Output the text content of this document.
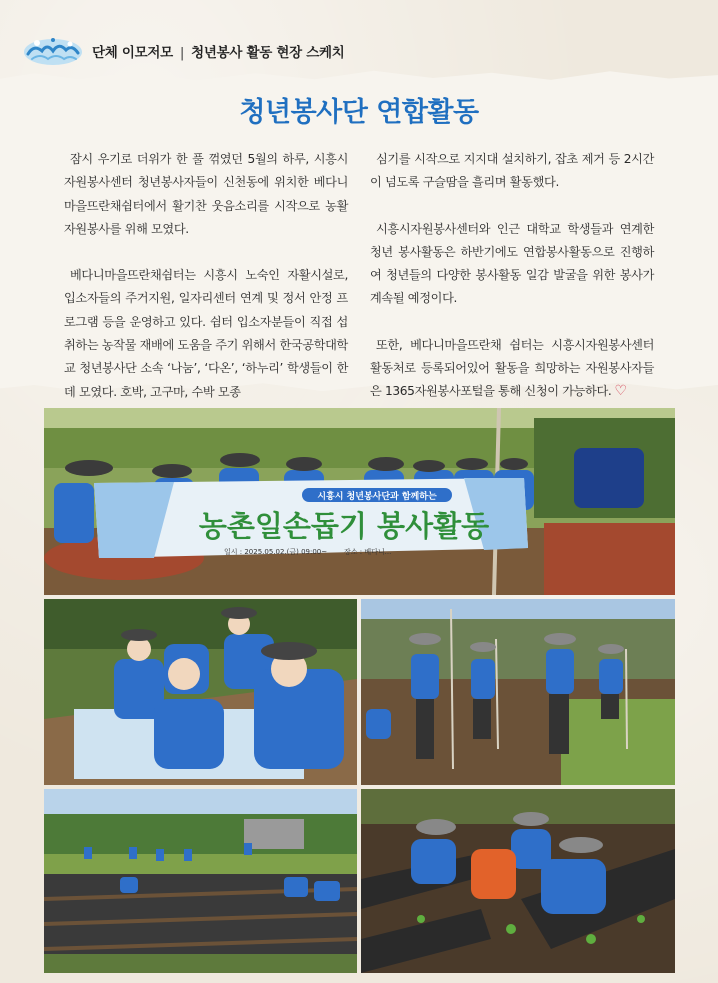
단체 이모저모 | 청년봉사 활동 현장 스케치
청년봉사단 연합활동

잠시 우기로 더위가 한 풀 꺾였던 5월의 하루, 시흥시자원봉사센터 청년봉사자들이 신천동에 위치한 베다니마을뜨란채쉼터에서 활기찬 웃음소리를 시작으로 농활 자원봉사를 위해 모였다.

베다니마을뜨란채쉼터는 시흥시 노숙인 자활시설로, 입소자들의 주거지원, 일자리센터 연계 및 정서 안정 프로그램 등을 운영하고 있다. 쉼터 입소자분들이 직접 섭취하는 농작물 재배에 도움을 주기 위해서 한국공학대학교 청년봉사단 소속 ‘나눔’, ‘다온’, ‘하누리’ 학생들이 한데 모였다. 호박, 고구마, 수박 모종

심기를 시작으로 지지대 설치하기, 잡초 제거 등 2시간이 넘도록 구슬땀을 흘리며 활동했다.

시흥시자원봉사센터와 인근 대학교 학생들과 연계한 청년 봉사활동은 하반기에도 연합봉사활동으로 진행하여 청년들의 다양한 봉사활동 일감 발굴을 위한 봉사가 계속될 예정이다.

또한, 베다니마을뜨란채 쉼터는 시흥시자원봉사센터 활동처로 등록되어있어 활동을 희망하는 자원봉사자들은 1365자원봉사포털을 통해 신청이 가능하다. ♡

시흥시 청년봉사단과 함께하는
농촌일손돕기 봉사활동
일시 : 2025.05.02.(금) 09:00~ 장소 : 베다니...
